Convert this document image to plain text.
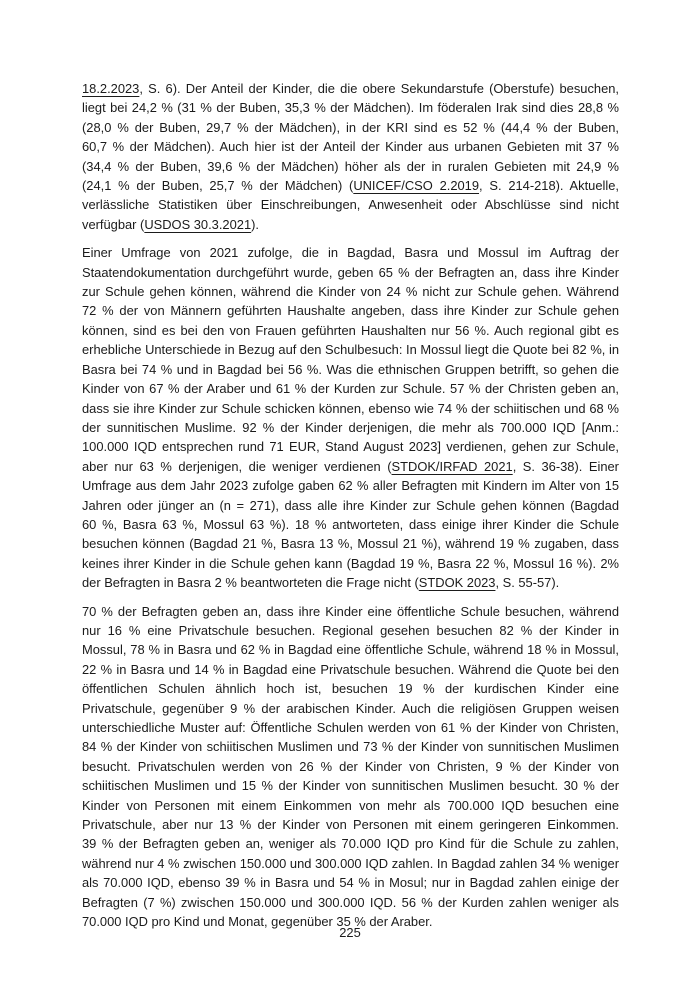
18.2.2023, S. 6). Der Anteil der Kinder, die die obere Sekundarstufe (Oberstufe) besuchen, liegt bei 24,2 % (31 % der Buben, 35,3 % der Mädchen). Im föderalen Irak sind dies 28,8 % (28,0 % der Buben, 29,7 % der Mädchen), in der KRI sind es 52 % (44,4 % der Buben, 60,7 % der Mädchen). Auch hier ist der Anteil der Kinder aus urbanen Gebieten mit 37 % (34,4 % der Buben, 39,6 % der Mädchen) höher als der in ruralen Gebieten mit 24,9 % (24,1 % der Buben, 25,7 % der Mädchen) (UNICEF/CSO 2.2019, S. 214-218). Aktuelle, verlässliche Statistiken über Einschreibungen, Anwesenheit oder Abschlüsse sind nicht verfügbar (USDOS 30.3.2021).

Einer Umfrage von 2021 zufolge, die in Bagdad, Basra und Mossul im Auftrag der Staatendokumentation durchgeführt wurde, geben 65 % der Befragten an, dass ihre Kinder zur Schule gehen können, während die Kinder von 24 % nicht zur Schule gehen. Während 72 % der von Männern geführten Haushalte angeben, dass ihre Kinder zur Schule gehen können, sind es bei den von Frauen geführten Haushalten nur 56 %. Auch regional gibt es erhebliche Unterschiede in Bezug auf den Schulbesuch: In Mossul liegt die Quote bei 82 %, in Basra bei 74 % und in Bagdad bei 56 %. Was die ethnischen Gruppen betrifft, so gehen die Kinder von 67 % der Araber und 61 % der Kurden zur Schule. 57 % der Christen geben an, dass sie ihre Kinder zur Schule schicken können, ebenso wie 74 % der schiitischen und 68 % der sunnitischen Muslime. 92 % der Kinder derjenigen, die mehr als 700.000 IQD [Anm.: 100.000 IQD entsprechen rund 71 EUR, Stand August 2023] verdienen, gehen zur Schule, aber nur 63 % derjenigen, die weniger verdienen (STDOK/IRFAD 2021, S. 36-38). Einer Umfrage aus dem Jahr 2023 zufolge gaben 62 % aller Befragten mit Kindern im Alter von 15 Jahren oder jünger an (n = 271), dass alle ihre Kinder zur Schule gehen können (Bagdad 60 %, Basra 63 %, Mossul 63 %). 18 % antworteten, dass einige ihrer Kinder die Schule besuchen können (Bagdad 21 %, Basra 13 %, Mossul 21 %), während 19 % zugaben, dass keines ihrer Kinder in die Schule gehen kann (Bagdad 19 %, Basra 22 %, Mossul 16 %). 2% der Befragten in Basra 2 % beantworteten die Frage nicht (STDOK 2023, S. 55-57).

70 % der Befragten geben an, dass ihre Kinder eine öffentliche Schule besuchen, während nur 16 % eine Privatschule besuchen. Regional gesehen besuchen 82 % der Kinder in Mossul, 78 % in Basra und 62 % in Bagdad eine öffentliche Schule, während 18 % in Mossul, 22 % in Basra und 14 % in Bagdad eine Privatschule besuchen. Während die Quote bei den öffentlichen Schulen ähnlich hoch ist, besuchen 19 % der kurdischen Kinder eine Privatschule, gegenüber 9 % der arabischen Kinder. Auch die religiösen Gruppen weisen unterschiedliche Muster auf: Öffentliche Schulen werden von 61 % der Kinder von Christen, 84 % der Kinder von schiitischen Muslimen und 73 % der Kinder von sunnitischen Muslimen besucht. Privatschulen werden von 26 % der Kinder von Christen, 9 % der Kinder von schiitischen Muslimen und 15 % der Kinder von sunnitischen Muslimen besucht. 30 % der Kinder von Personen mit einem Einkommen von mehr als 700.000 IQD besuchen eine Privatschule, aber nur 13 % der Kinder von Personen mit einem geringeren Einkommen. 39 % der Befragten geben an, weniger als 70.000 IQD pro Kind für die Schule zu zahlen, während nur 4 % zwischen 150.000 und 300.000 IQD zahlen. In Bagdad zahlen 34 % weniger als 70.000 IQD, ebenso 39 % in Basra und 54 % in Mosul; nur in Bagdad zahlen einige der Befragten (7 %) zwischen 150.000 und 300.000 IQD. 56 % der Kurden zahlen weniger als 70.000 IQD pro Kind und Monat, gegenüber 35 % der Araber.

225
